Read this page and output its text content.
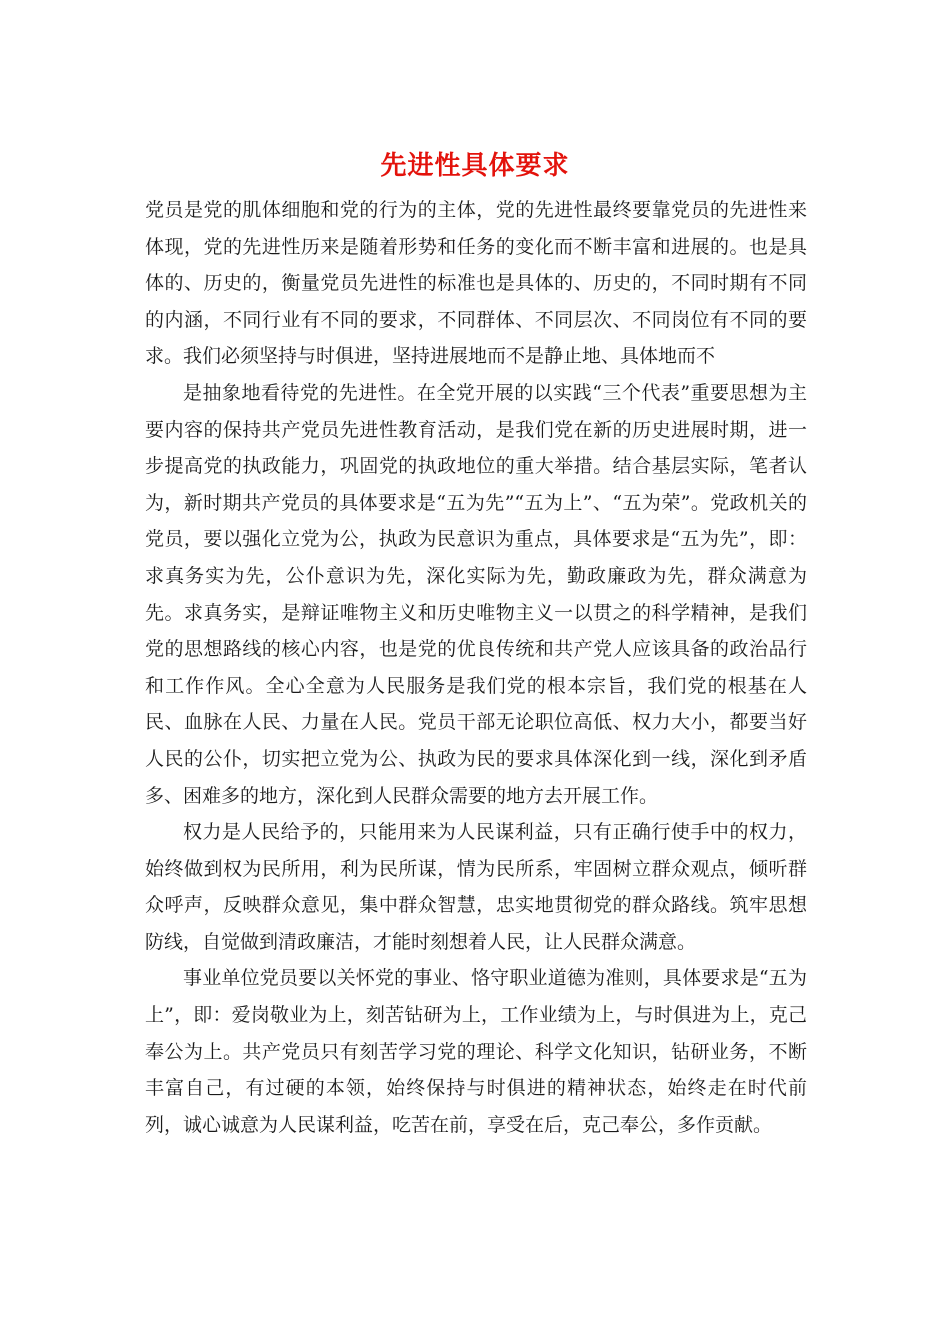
先进性具体要求

党员是党的肌体细胞和党的行为的主体，党的先进性最终要靠党员的先进性来体现，党的先进性历来是随着形势和任务的变化而不断丰富和进展的。也是具体的、历史的，衡量党员先进性的标准也是具体的、历史的，不同时期有不同的内涵，不同行业有不同的要求，不同群体、不同层次、不同岗位有不同的要求。我们必须坚持与时俱进，坚持进展地而不是静止地、具体地而不

是抽象地看待党的先进性。在全党开展的以实践“三个代表”重要思想为主要内容的保持共产党员先进性教育活动，是我们党在新的历史进展时期，进一步提高党的执政能力，巩固党的执政地位的重大举措。结合基层实际，笔者认为，新时期共产党员的具体要求是“五为先”“五为上”、“五为荣”。党政机关的党员，要以强化立党为公，执政为民意识为重点，具体要求是“五为先”，即：求真务实为先，公仆意识为先，深化实际为先，勤政廉政为先，群众满意为先。求真务实，是辩证唯物主义和历史唯物主义一以贯之的科学精神，是我们党的思想路线的核心内容，也是党的优良传统和共产党人应该具备的政治品行和工作作风。全心全意为人民服务是我们党的根本宗旨，我们党的根基在人民、血脉在人民、力量在人民。党员干部无论职位高低、权力大小，都要当好人民的公仆，切实把立党为公、执政为民的要求具体深化到一线，深化到矛盾多、困难多的地方，深化到人民群众需要的地方去开展工作。

权力是人民给予的，只能用来为人民谋利益，只有正确行使手中的权力，始终做到权为民所用，利为民所谋，情为民所系，牢固树立群众观点，倾听群众呼声，反映群众意见，集中群众智慧，忠实地贯彻党的群众路线。筑牢思想防线，自觉做到清政廉洁，才能时刻想着人民，让人民群众满意。

事业单位党员要以关怀党的事业、恪守职业道德为准则，具体要求是“五为上”，即：爱岗敬业为上，刻苦钻研为上，工作业绩为上，与时俱进为上，克己奉公为上。共产党员只有刻苦学习党的理论、科学文化知识，钻研业务，不断丰富自己，有过硬的本领，始终保持与时俱进的精神状态，始终走在时代前列，诚心诚意为人民谋利益，吃苦在前，享受在后，克己奉公，多作贡献。
